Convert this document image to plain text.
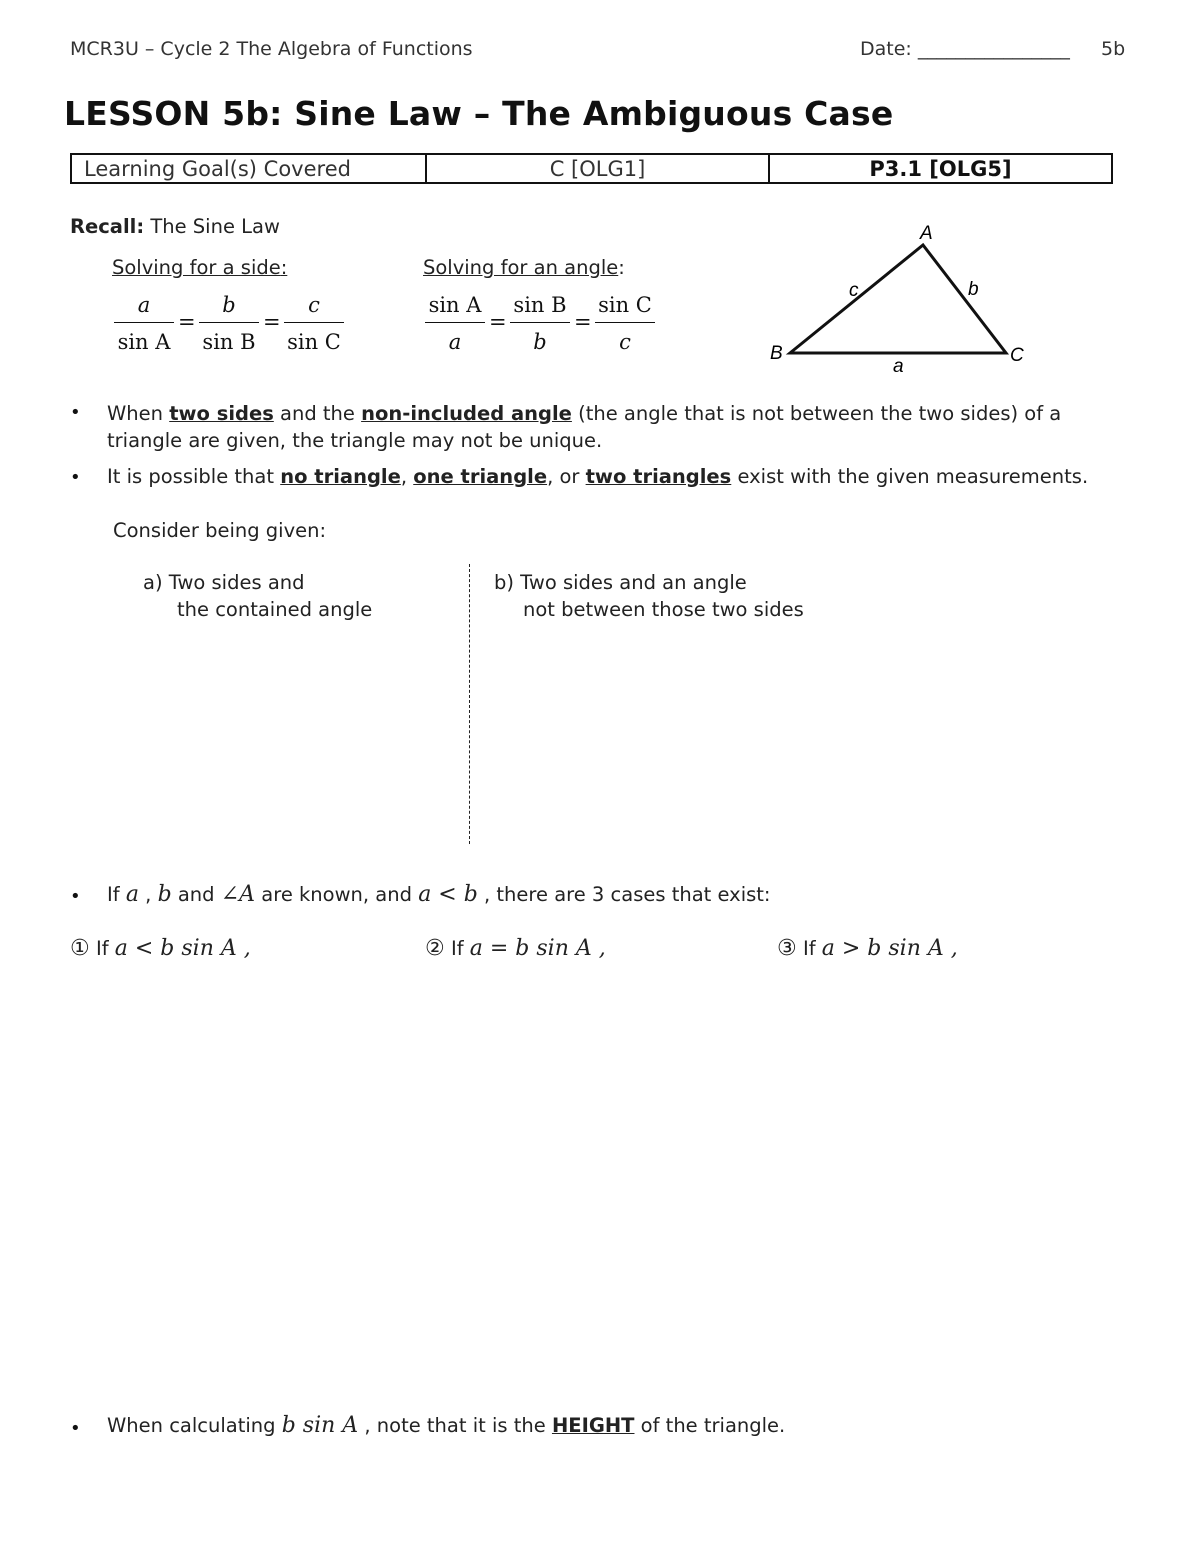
MCR3U – Cycle 2 The Algebra of Functions	Date: ________________ 5b
LESSON 5b: Sine Law – The Ambiguous Case
Learning Goal(s) Covered	C [OLG1]	P3.1 [OLG5]
Recall: The Sine Law
Solving for a side:	Solving for an angle:
a
sin A
=
b
sin B
=
c
sin C
sin A
a
=
sin B
b
=
sin C
c
A
B	C
a
b
c
• When two sides and the non-included angle (the angle that is not between the two sides) of a
triangle are given, the triangle may not be unique.
• It is possible that no triangle, one triangle, or two triangles exist with the given measurements.
Consider being given:
a) Two sides and
the contained angle
b) Two sides and an angle
not between those two sides
• If a , b and ∠A are known, and a < b , there are 3 cases that exist:
① If a < b sin A ,	② If a = b sin A ,	③ If a > b sin A ,
• When calculating b sin A , note that it is the HEIGHT of the triangle.
